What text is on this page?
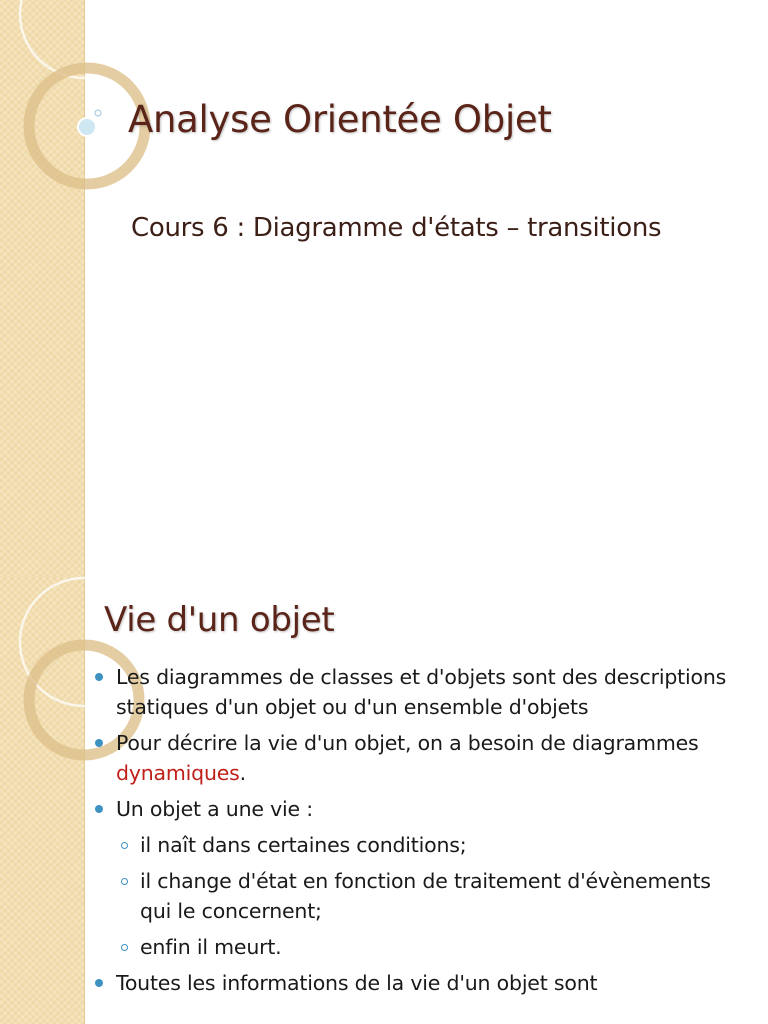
Analyse Orientée Objet
Cours 6 : Diagramme d'états – transitions
Vie d'un objet
Les diagrammes de classes et d'objets sont des descriptions statiques d'un objet ou d'un ensemble d'objets
Pour décrire la vie d'un objet, on a besoin de diagrammes dynamiques.
Un objet a une vie :
il naît dans certaines conditions;
il change d'état en fonction de traitement d'évènements qui le concernent;
enfin il meurt.
Toutes les informations de la vie d'un objet sont
